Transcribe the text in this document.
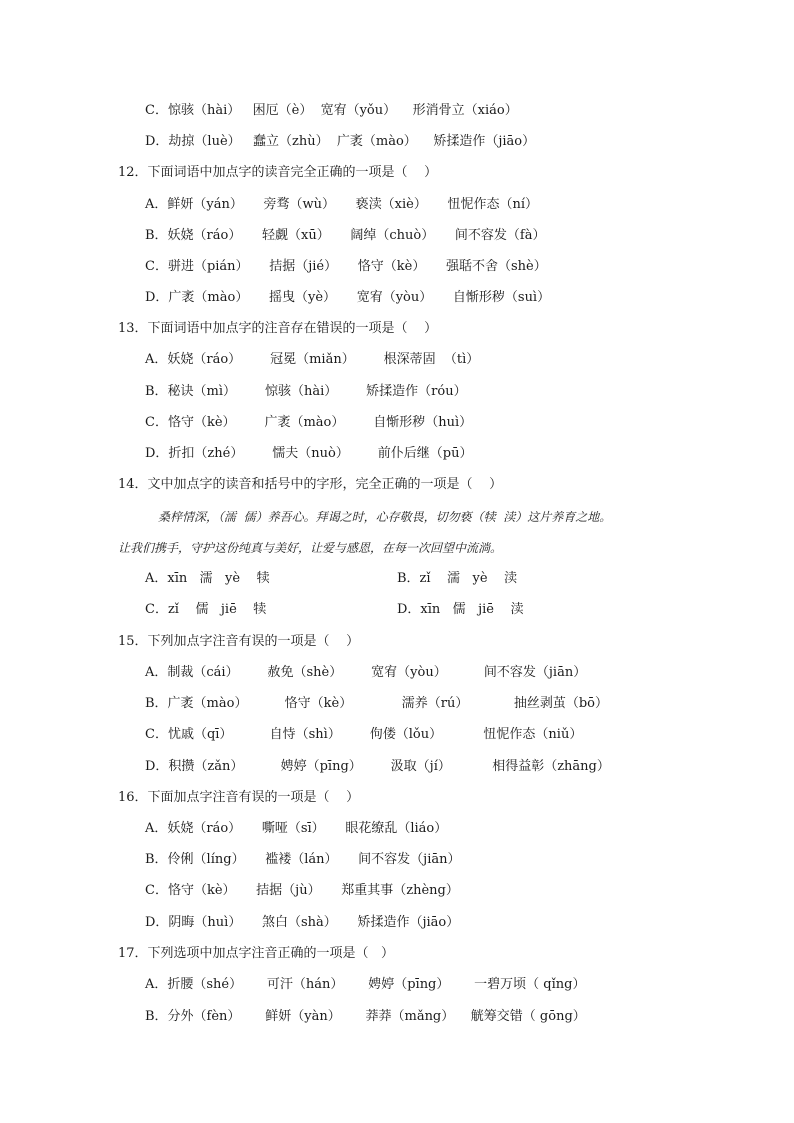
C．惊骇（hài）   困厄（è）  宽宥（yǒu）    形消骨立（xiáo）
D．劫掠（luè）   蠢立（zhù）  广袤（mào）    矫揉造作（jiāo）
12．下面词语中加点字的读音完全正确的一项是（    ）
A．鲜妍（yán）     旁骛（wù）     亵渎（xiè）     忸怩作态（ní）
B．妖娆（ráo）     轻觑（xū）     阔绰（chuò）     间不容发（fà）
C．骈进（pián）     拮据（jié）     恪守（kè）     强聒不舍（shè）
D．广袤（mào）     摇曳（yè）     宽宥（yòu）     自惭形秽（suì）
13．下面词语中加点字的注音存在错误的一项是（    ）
A．妖娆（ráo）       冠冕（miǎn）       根深蒂固  （tì）
B．秘诀（mì）       惊骇（hài）       矫揉造作（róu）
C．恪守（kè）       广袤（mào）       自惭形秽（huì）
D．折扣（zhé）       懦夫（nuò）       前仆后继（pū）
14．文中加点字的读音和括号中的字形，完全正确的一项是（    ）
A．xīn   濡   yè    犊
C．zǐ    儒   jiē    犊
15．下列加点字注音有误的一项是（    ）
A．制裁（cái）       赦免（shè）       宽宥（yòu）         间不容发（jiān）
B．广袤（mào）         恪守（kè）            濡养（rú）           抽丝剥茧（bō）
C．忧戚（qī）         自恃（shì）       佝偻（lǒu）          忸怩作态（niǔ）
D．积攒（zǎn）         娉婷（pīng）       汲取（jí）          相得益彰（zhāng）
16．下面加点字注音有误的一项是（    ）
A．妖娆（ráo）     嘶哑（sī）     眼花缭乱（liáo）
B．伶俐（líng）     褴褛（lán）     间不容发（jiān）
C．恪守（kè）     拮据（jù）     郑重其事（zhèng）
D．阴晦（huì）     煞白（shà）     矫揉造作（jiāo）
17．下列选项中加点字注音正确的一项是（   ）
A．折腰（shé）      可汗（hán）      娉婷（pīng）      一碧万顷（ qǐng）
B．分外（fèn）      鲜妍（yàn）      莽莽（mǎng）    觥筹交错（ gōng）
桑梓情深，（濡  儒）养吾心。拜谒之时，心存敬畏，切勿亵（犊  渎）这片养育之地。
让我们携手，守护这份纯真与美好，让爱与感恩，在每一次回望中流淌。
B．zǐ    濡   yè    渎
D．xīn   儒   jiē    渎
